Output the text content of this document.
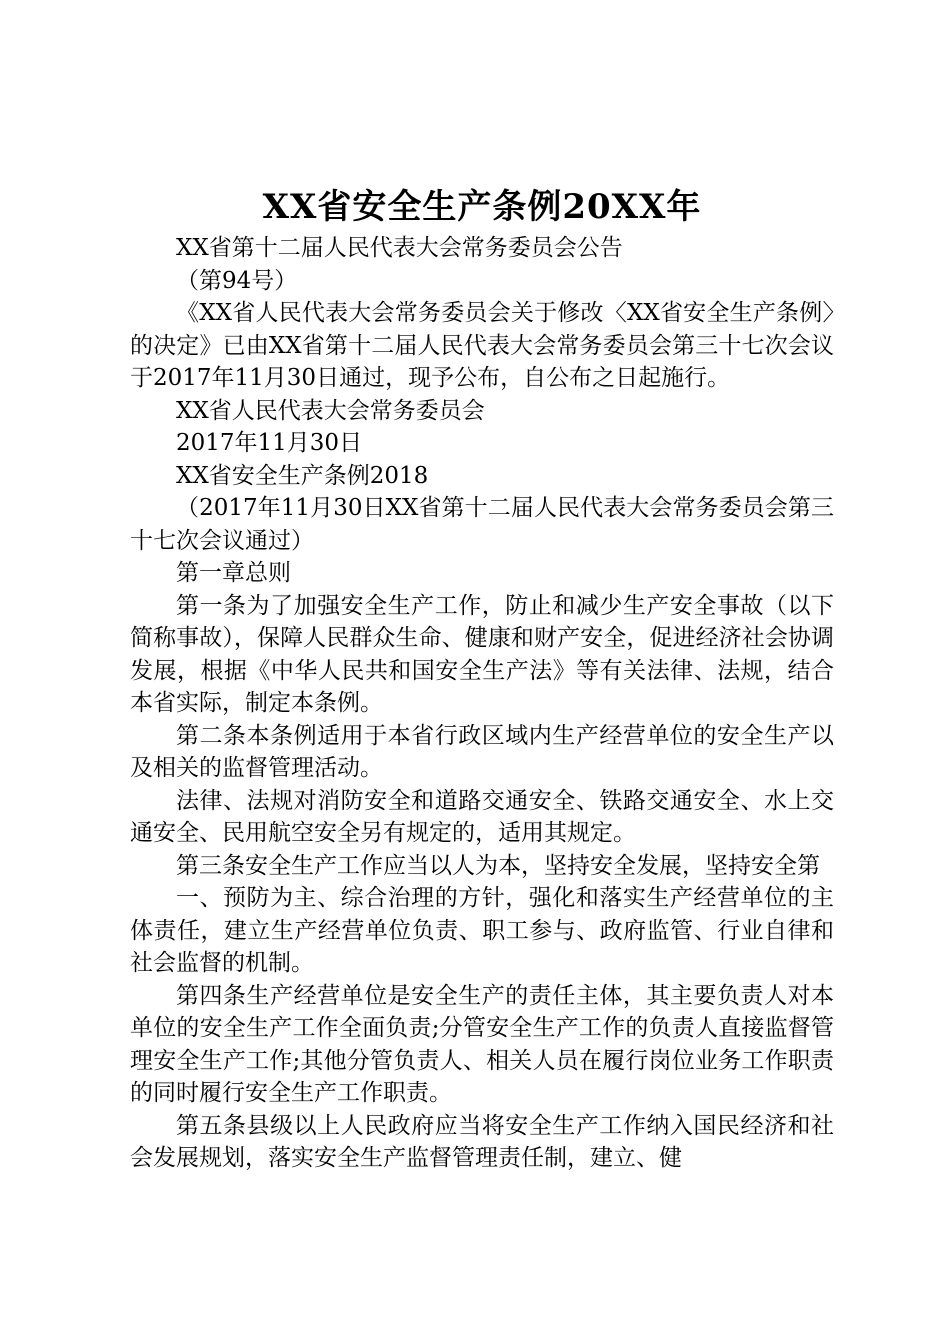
XX省安全生产条例20XX年

XX省第十二届人民代表大会常务委员会公告

（第94号）

《XX省人民代表大会常务委员会关于修改〈XX省安全生产条例〉的决定》已由XX省第十二届人民代表大会常务委员会第三十七次会议于2017年11月30日通过，现予公布，自公布之日起施行。

XX省人民代表大会常务委员会

2017年11月30日

XX省安全生产条例2018

（2017年11月30日XX省第十二届人民代表大会常务委员会第三十七次会议通过）

第一章总则

第一条为了加强安全生产工作，防止和减少生产安全事故（以下简称事故），保障人民群众生命、健康和财产安全，促进经济社会协调发展，根据《中华人民共和国安全生产法》等有关法律、法规，结合本省实际，制定本条例。

第二条本条例适用于本省行政区域内生产经营单位的安全生产以及相关的监督管理活动。

法律、法规对消防安全和道路交通安全、铁路交通安全、水上交通安全、民用航空安全另有规定的，适用其规定。

第三条安全生产工作应当以人为本，坚持安全发展，坚持安全第

一、预防为主、综合治理的方针，强化和落实生产经营单位的主体责任，建立生产经营单位负责、职工参与、政府监管、行业自律和社会监督的机制。

第四条生产经营单位是安全生产的责任主体，其主要负责人对本单位的安全生产工作全面负责;分管安全生产工作的负责人直接监督管理安全生产工作;其他分管负责人、相关人员在履行岗位业务工作职责的同时履行安全生产工作职责。

第五条县级以上人民政府应当将安全生产工作纳入国民经济和社会发展规划，落实安全生产监督管理责任制，建立、健
